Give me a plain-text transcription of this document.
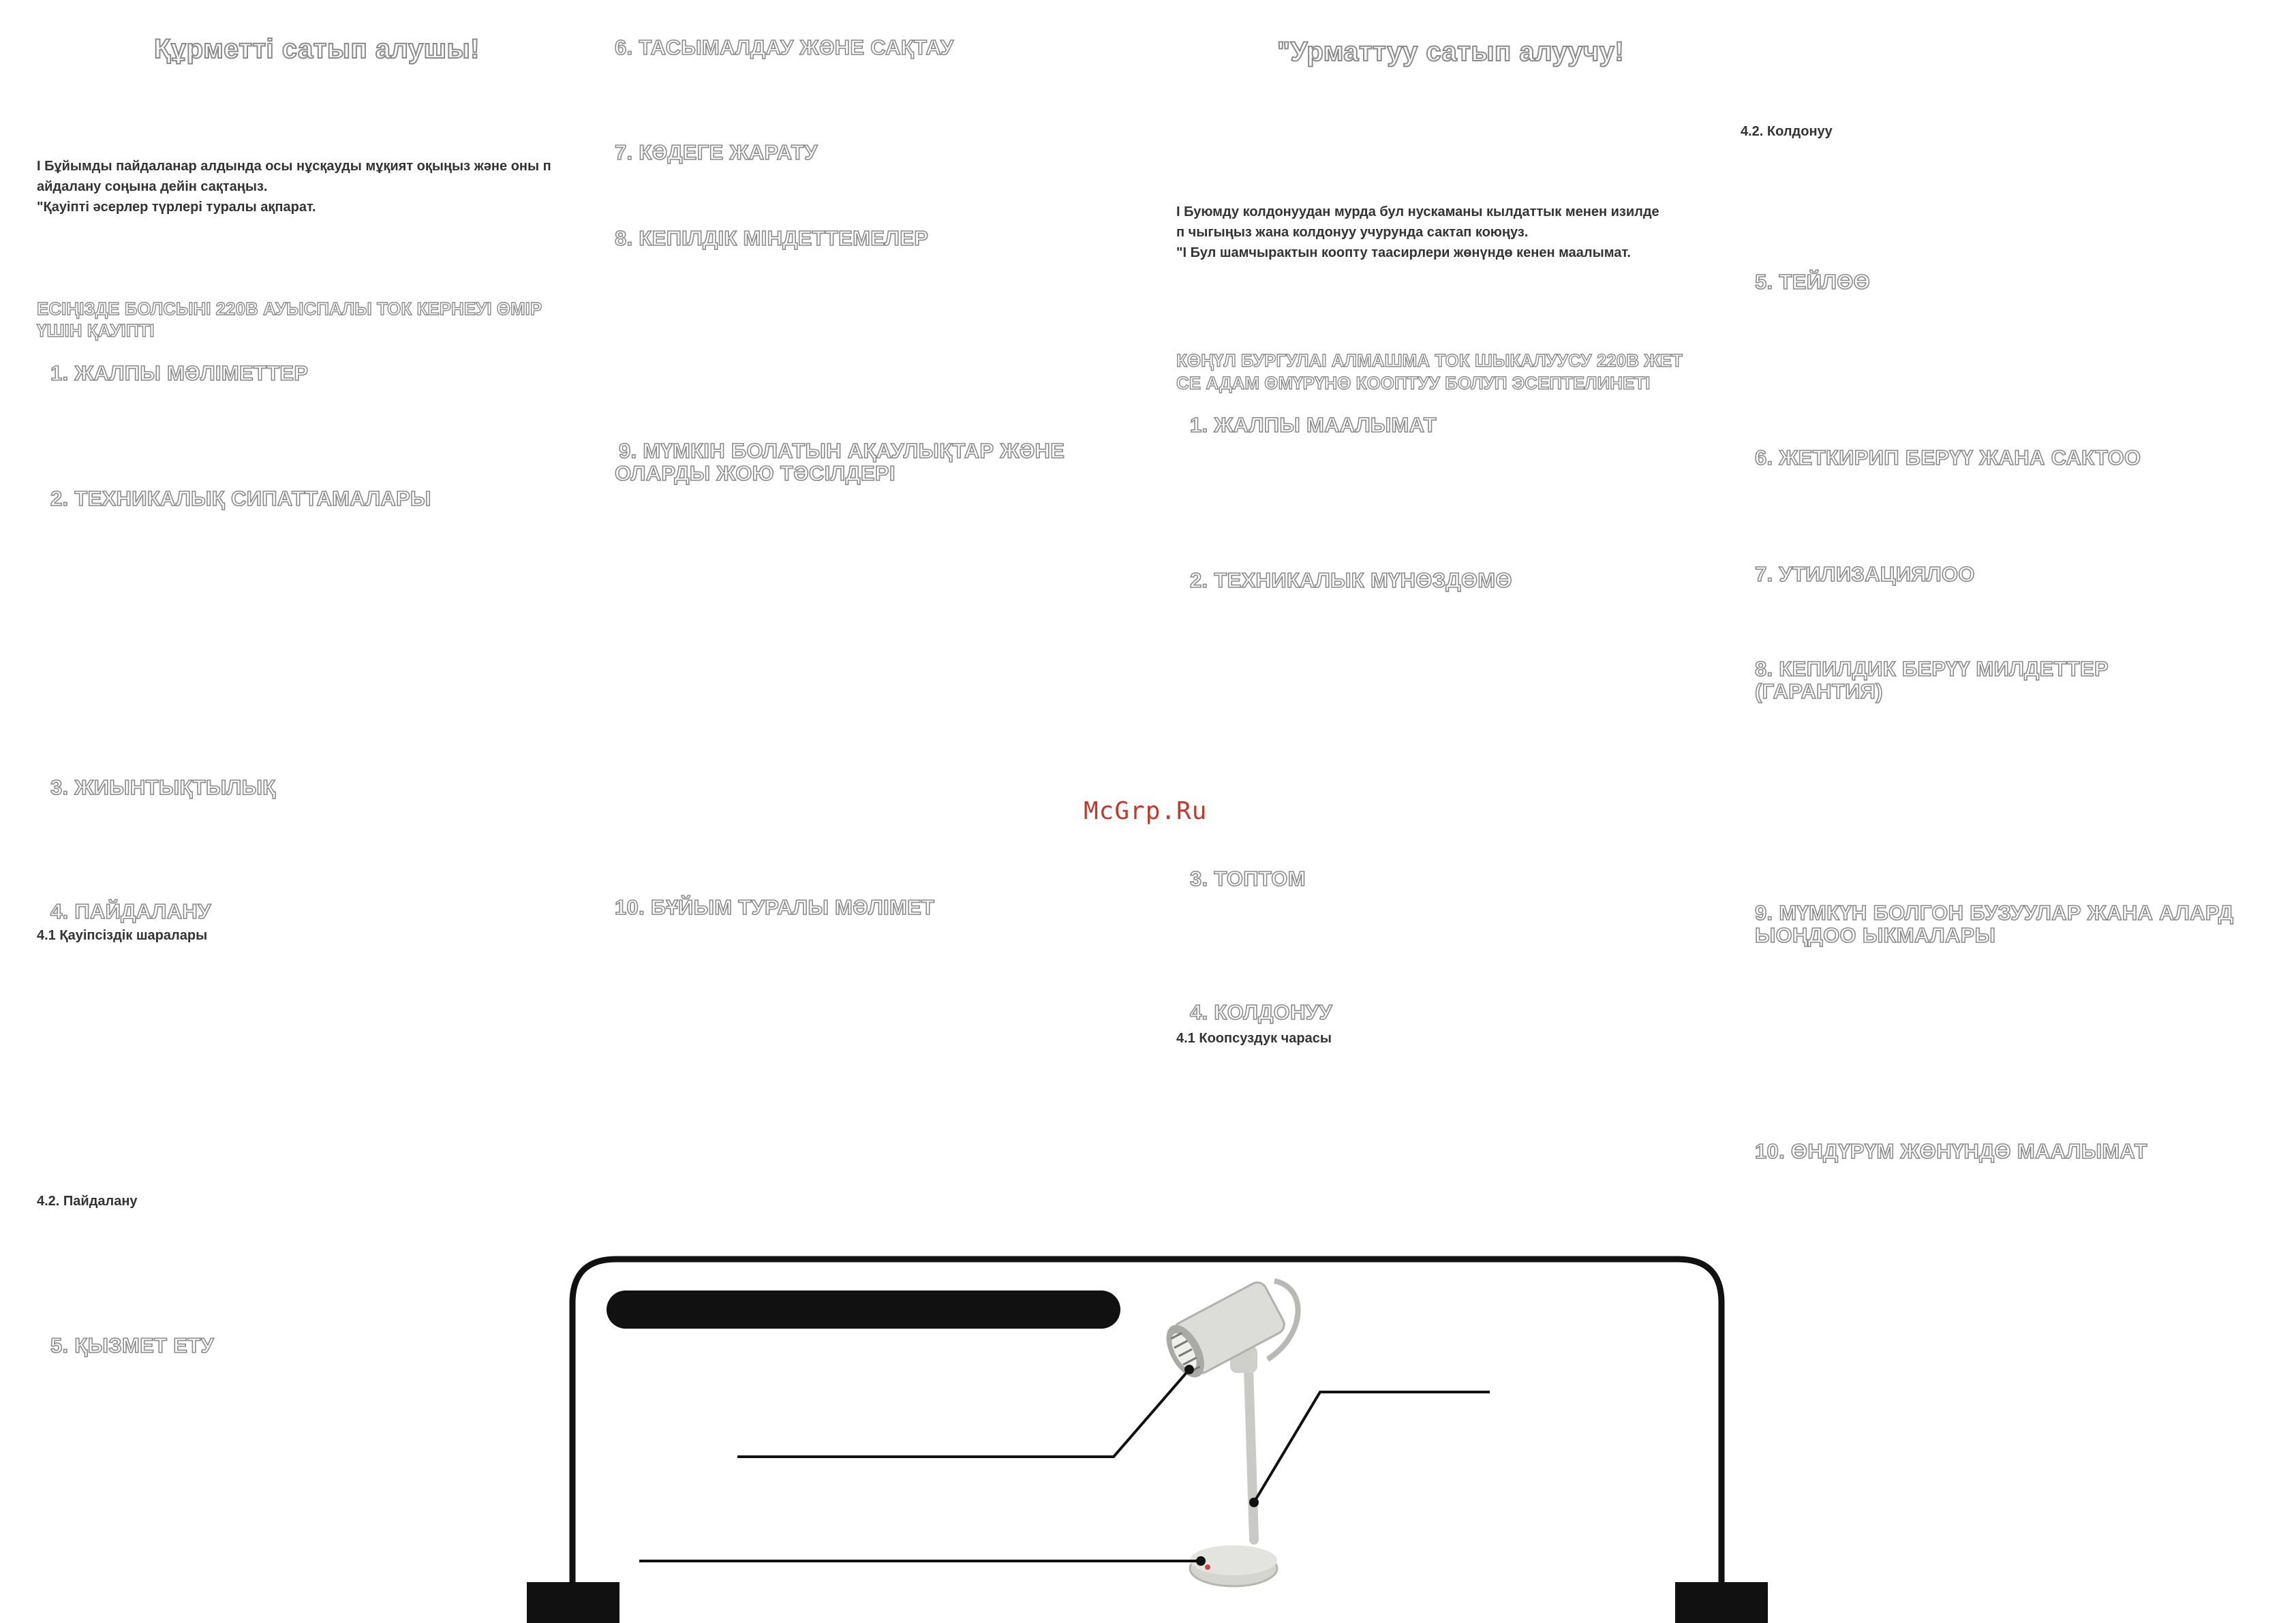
Құрметті сатып алушы!
І Бұйымды пайдаланар алдында осы нұсқауды мұқият оқыңыз және оны п
айдалану соңына дейін сақтаңыз.
"Қауіпті әсерлер түрлері туралы ақпарат.
ЕСІҢІЗДЕ БОЛСЫНІ 220В АУЫСПАЛЫ ТОК КЕРНЕУІ ӨМІР
ҮШІН ҚАУІПТІ
1. ЖАЛПЫ МӘЛІМЕТТЕР
2. ТЕХНИКАЛЫҚ СИПАТТАМАЛАРЫ
3. ЖИЫНТЫҚТЫЛЫҚ
4. ПАЙДАЛАНУ
4.1 Қауіпсіздік шаралары
4.2. Пайдалану
5. ҚЫЗМЕТ ЕТУ
6. ТАСЫМАЛДАУ ЖӘНЕ САҚТАУ
7. КӘДЕГЕ ЖАРАТУ
8. КЕПІЛДІК МІНДЕТТЕМЕЛЕР
9. МҮМКІН БОЛАТЫН АҚАУЛЫҚТАР ЖӘНЕ
ОЛАРДЫ ЖОЮ ТӘСІЛДЕРІ
10. БҰЙЫМ ТУРАЛЫ МӘЛІМЕТ
"Урматтуу сатып алуучу!
І Буюмду колдонуудан мурда бул нускаманы кылдаттык менен изилде
п чыгыңыз жана колдонуу учурунда сактап коюңуз.
"І Бул шамчырактын коопту таасирлери жөнүндө кенен маалымат.
КӨҢҮЛ БУРГУЛАІ АЛМАШМА ТОК ШЫКАЛУУСУ 220В ЖЕТ
СЕ АДАМ ӨМҮРҮНӨ КООПТУУ БОЛУП ЭСЕПТЕЛИНЕТІ
1. ЖАЛПЫ МААЛЫМАТ
2. ТЕХНИКАЛЫК МҮНӨЗДӨМӨ
3. ТОПТОМ
4. КОЛДОНУУ
4.1 Коопсуздук чарасы
4.2. Колдонуу
5. ТЕЙЛӨӨ
6. ЖЕТКИРИП БЕРҮҮ ЖАНА САКТОО
7. УТИЛИЗАЦИЯЛОО
8. КЕПИЛДИК БЕРҮҮ МИЛДЕТТЕР
(ГАРАНТИЯ)
9. МҮМКҮН БОЛГОН БУЗУУЛАР ЖАНА АЛАРД
ЫОҢДОО ЫКМАЛАРЫ
10. ӨНДҮРҮМ ЖӨНҮНДӨ МААЛЫМАТ
McGrp.Ru
